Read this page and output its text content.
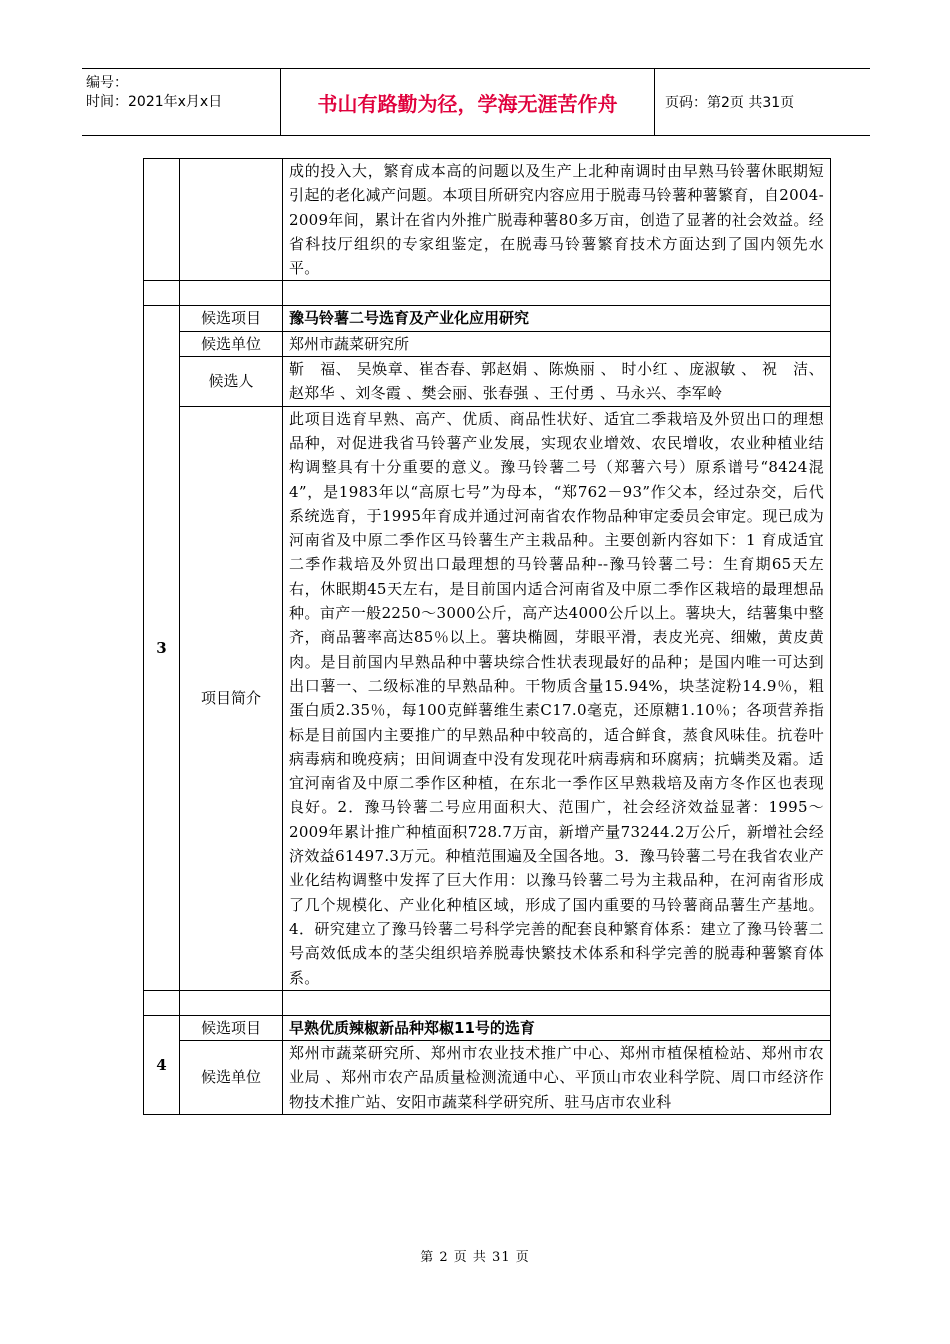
编号：
时间：2021年x月x日	书山有路勤为径，学海无涯苦作舟	页码：第2页 共31页
		成的投入大，繁育成本高的问题以及生产上北种南调时由早熟马铃薯休眠期短引起的老化减产问题。本项目所研究内容应用于脱毒马铃薯种薯繁育，自2004-2009年间，累计在省内外推广脱毒种薯80多万亩，创造了显著的社会效益。经省科技厅组织的专家组鉴定，在脱毒马铃薯繁育技术方面达到了国内领先水平。

3	候选项目	豫马铃薯二号选育及产业化应用研究
	候选单位	郑州市蔬菜研究所
	候选人	靳　福、 吴焕章、崔杏春、郭赵娟 、陈焕丽 、 时小红 、庞淑敏 、 祝　洁、赵郑华 、刘冬霞 、樊会丽、张春强 、王付勇 、马永兴、李军岭
	项目简介	此项目选育早熟、高产、优质、商品性状好、适宜二季栽培及外贸出口的理想品种，对促进我省马铃薯产业发展，实现农业增效、农民增收，农业种植业结构调整具有十分重要的意义。豫马铃薯二号（郑薯六号）原系谱号“8424混4”，是1983年以“高原七号”为母本，“郑762－93”作父本，经过杂交，后代系统选育，于1995年育成并通过河南省农作物品种审定委员会审定。现已成为河南省及中原二季作区马铃薯生产主栽品种。主要创新内容如下：1 育成适宜二季作栽培及外贸出口最理想的马铃薯品种--豫马铃薯二号：生育期65天左右，休眠期45天左右，是目前国内适合河南省及中原二季作区栽培的最理想品种。亩产一般2250～3000公斤，高产达4000公斤以上。薯块大，结薯集中整齐，商品薯率高达85％以上。薯块椭圆，芽眼平滑，表皮光亮、细嫩，黄皮黄肉。是目前国内早熟品种中薯块综合性状表现最好的品种；是国内唯一可达到出口薯一、二级标准的早熟品种。干物质含量15.94%，块茎淀粉14.9％，粗蛋白质2.35％，每100克鲜薯维生素C17.0毫克，还原糖1.10％；各项营养指标是目前国内主要推广的早熟品种中较高的，适合鲜食，蒸食风味佳。抗卷叶病毒病和晚疫病；田间调查中没有发现花叶病毒病和环腐病；抗螨类及霜。适宜河南省及中原二季作区种植，在东北一季作区早熟栽培及南方冬作区也表现良好。2．豫马铃薯二号应用面积大、范围广，社会经济效益显著：1995～2009年累计推广种植面积728.7万亩，新增产量73244.2万公斤，新增社会经济效益61497.3万元。种植范围遍及全国各地。3．豫马铃薯二号在我省农业产业化结构调整中发挥了巨大作用：以豫马铃薯二号为主栽品种，在河南省形成了几个规模化、产业化种植区域，形成了国内重要的马铃薯商品薯生产基地。4．研究建立了豫马铃薯二号科学完善的配套良种繁育体系：建立了豫马铃薯二号高效低成本的茎尖组织培养脱毒快繁技术体系和科学完善的脱毒种薯繁育体系。

4	候选项目	早熟优质辣椒新品种郑椒11号的选育
	候选单位	郑州市蔬菜研究所、郑州市农业技术推广中心、郑州市植保植检站、郑州市农业局 、郑州市农产品质量检测流通中心、平顶山市农业科学院、周口市经济作物技术推广站、安阳市蔬菜科学研究所、驻马店市农业科
第 2 页 共 31 页
